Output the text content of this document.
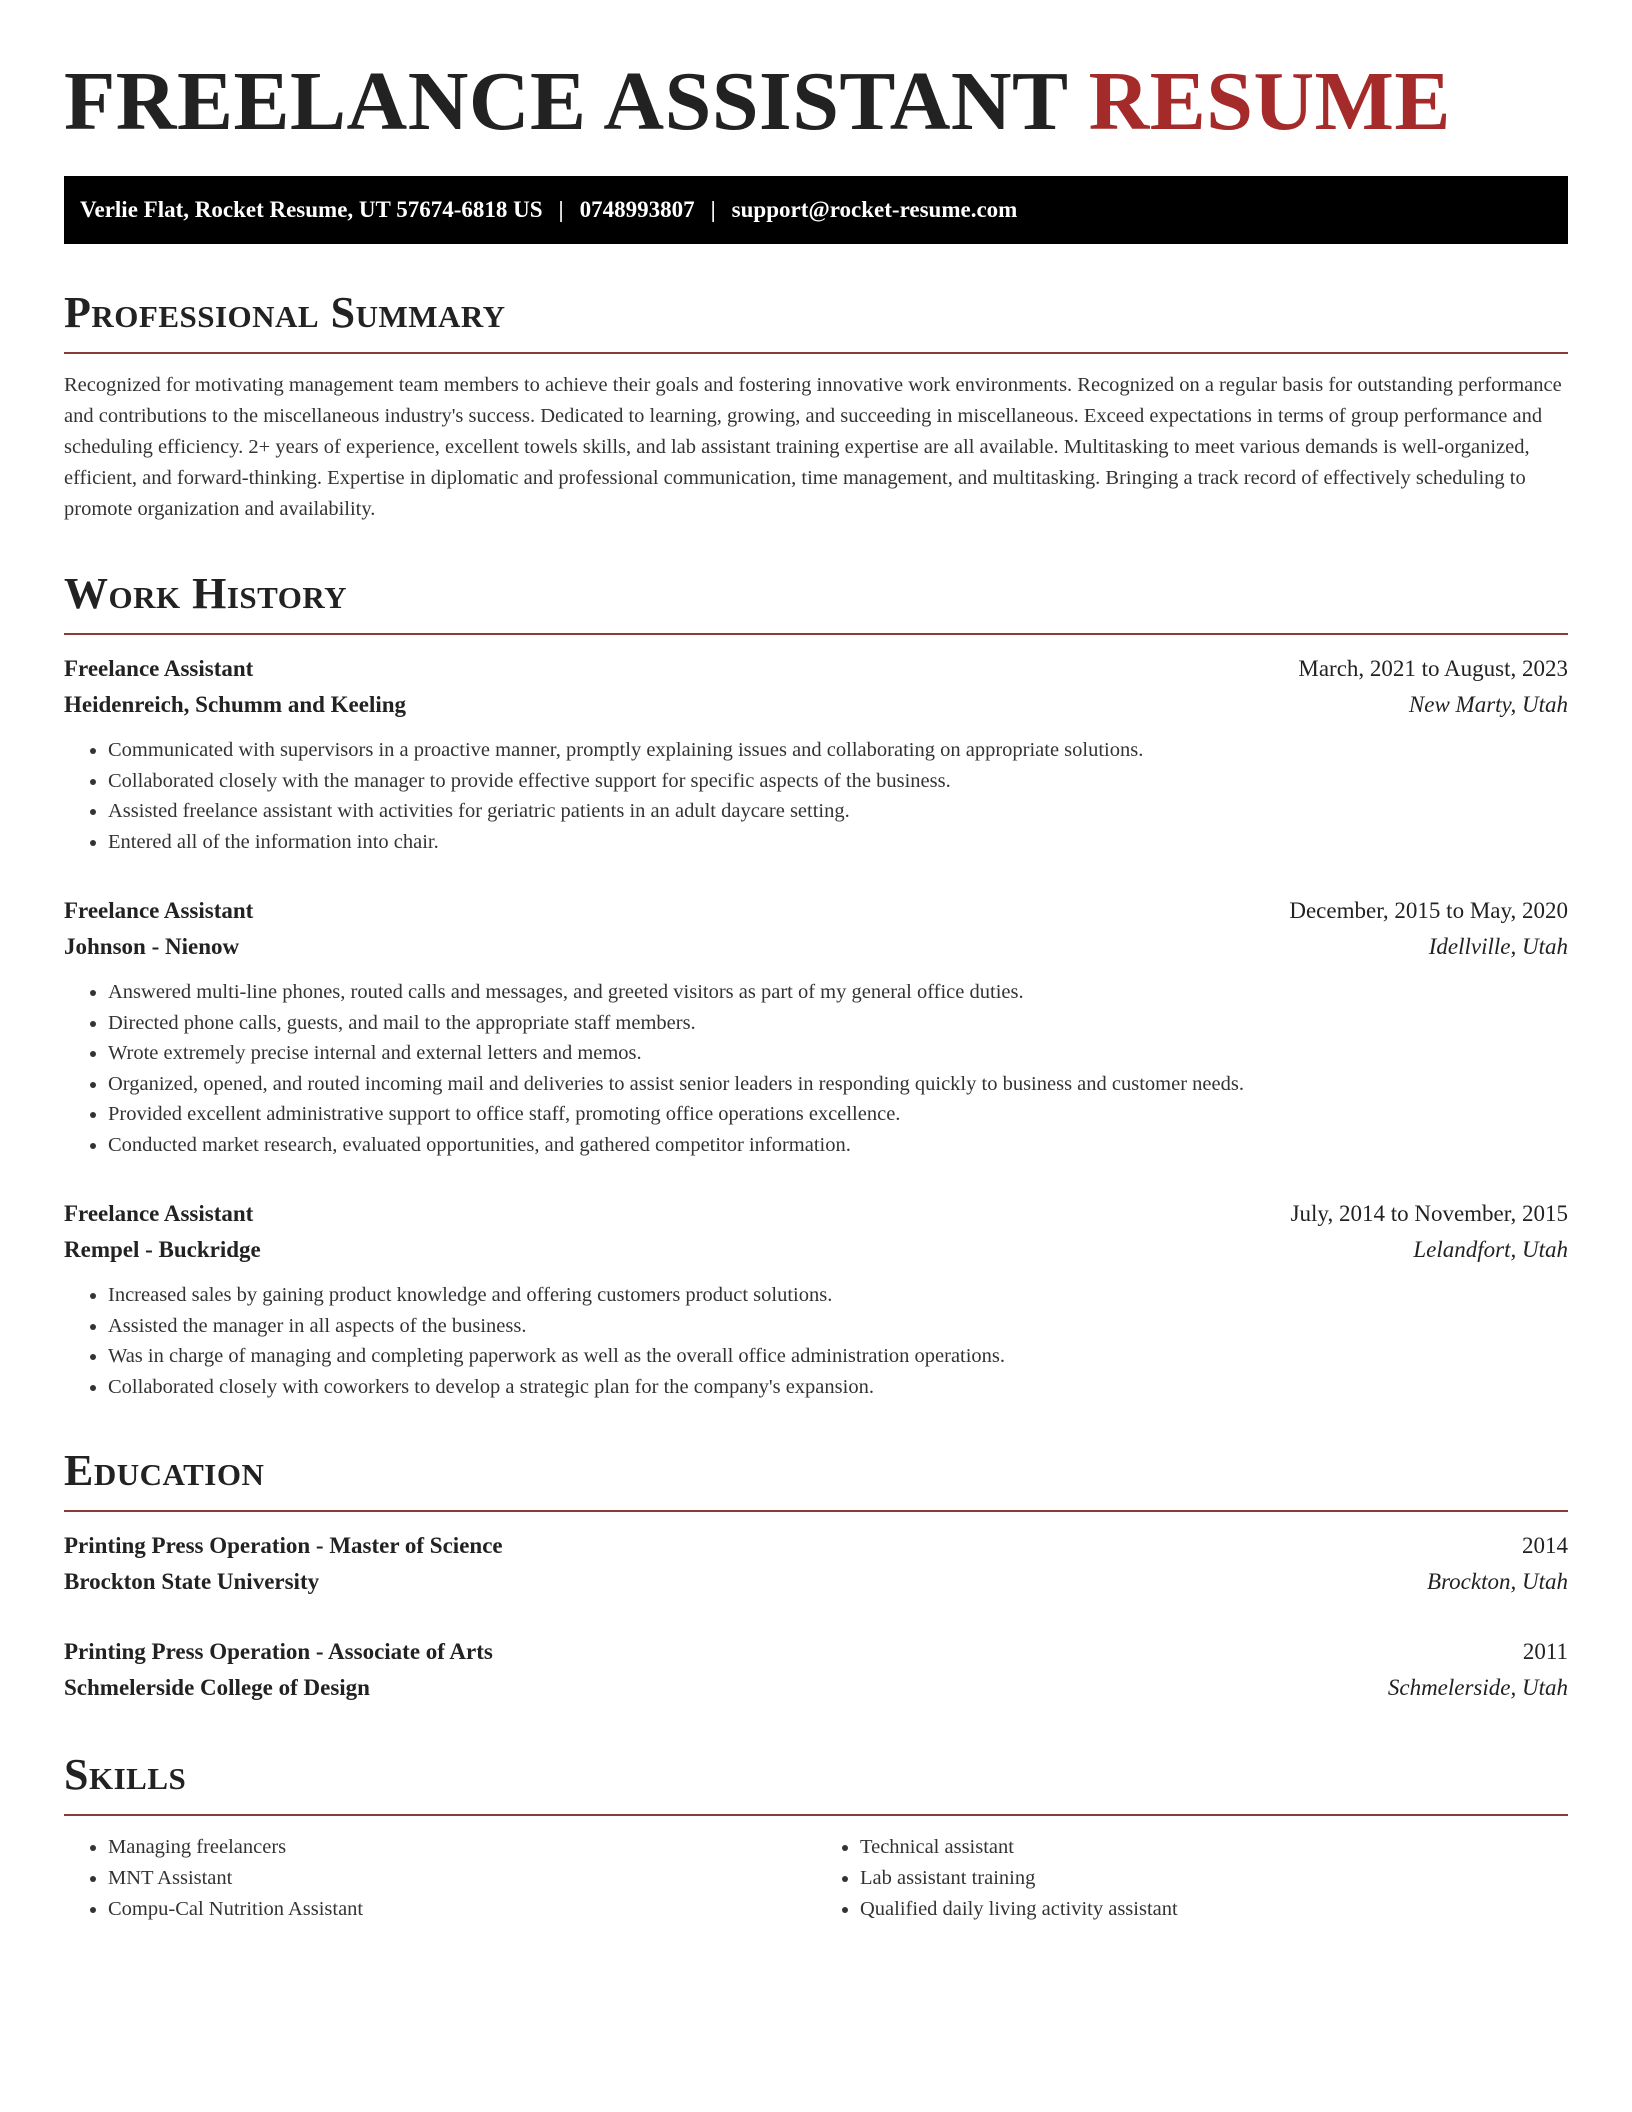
FREELANCE ASSISTANT RESUME
Verlie Flat, Rocket Resume, UT 57674-6818 US | 0748993807 | support@rocket-resume.com
Professional Summary

Recognized for motivating management team members to achieve their goals and fostering innovative work environments. Recognized on a regular basis for outstanding performance and contributions to the miscellaneous industry's success. Dedicated to learning, growing, and succeeding in miscellaneous. Exceed expectations in terms of group performance and scheduling efficiency. 2+ years of experience, excellent towels skills, and lab assistant training expertise are all available. Multitasking to meet various demands is well-organized, efficient, and forward-thinking. Expertise in diplomatic and professional communication, time management, and multitasking. Bringing a track record of effectively scheduling to promote organization and availability.

Work History
Freelance Assistant	March, 2021 to August, 2023
Heidenreich, Schumm and Keeling	New Marty, Utah
• Communicated with supervisors in a proactive manner, promptly explaining issues and collaborating on appropriate solutions.
• Collaborated closely with the manager to provide effective support for specific aspects of the business.
• Assisted freelance assistant with activities for geriatric patients in an adult daycare setting.
• Entered all of the information into chair.
Freelance Assistant	December, 2015 to May, 2020
Johnson - Nienow	Idellville, Utah
• Answered multi-line phones, routed calls and messages, and greeted visitors as part of my general office duties.
• Directed phone calls, guests, and mail to the appropriate staff members.
• Wrote extremely precise internal and external letters and memos.
• Organized, opened, and routed incoming mail and deliveries to assist senior leaders in responding quickly to business and customer needs.
• Provided excellent administrative support to office staff, promoting office operations excellence.
• Conducted market research, evaluated opportunities, and gathered competitor information.
Freelance Assistant	July, 2014 to November, 2015
Rempel - Buckridge	Lelandfort, Utah
• Increased sales by gaining product knowledge and offering customers product solutions.
• Assisted the manager in all aspects of the business.
• Was in charge of managing and completing paperwork as well as the overall office administration operations.
• Collaborated closely with coworkers to develop a strategic plan for the company's expansion.
Education
Printing Press Operation - Master of Science	2014
Brockton State University	Brockton, Utah
Printing Press Operation - Associate of Arts	2011
Schmelerside College of Design	Schmelerside, Utah
Skills
• Managing freelancers
• MNT Assistant
• Compu-Cal Nutrition Assistant
• Technical assistant
• Lab assistant training
• Qualified daily living activity assistant
